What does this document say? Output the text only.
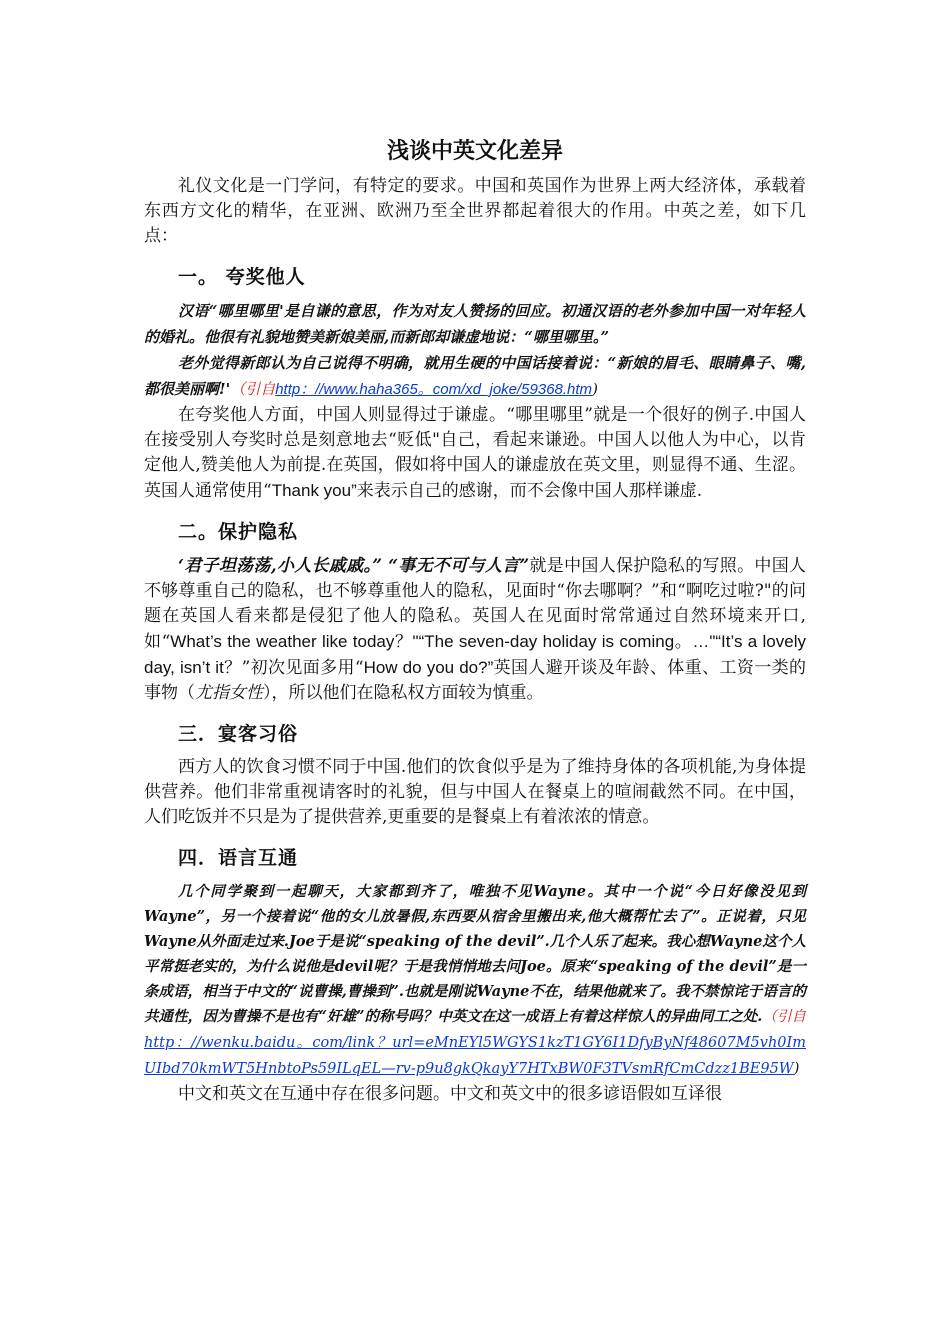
浅谈中英文化差异

礼仪文化是一门学问，有特定的要求。中国和英国作为世界上两大经济体，承载着东西方文化的精华，在亚洲、欧洲乃至全世界都起着很大的作用。中英之差，如下几点：

一。 夸奖他人

汉语“哪里哪里'是自谦的意思，作为对友人赞扬的回应。初通汉语的老外参加中国一对年轻人的婚礼。他很有礼貌地赞美新娘美丽,而新郎却谦虚地说：“哪里哪里。”

老外觉得新郎认为自己说得不明确，就用生硬的中国话接着说：“新娘的眉毛、眼睛鼻子、嘴,都很美丽啊!'（引自http：//www.haha365。com/xd_joke/59368.htm)

在夸奖他人方面，中国人则显得过于谦虚。“哪里哪里”就是一个很好的例子.中国人在接受别人夸奖时总是刻意地去“贬低"自己，看起来谦逊。中国人以他人为中心，以肯定他人,赞美他人为前提.在英国，假如将中国人的谦虚放在英文里，则显得不通、生涩。英国人通常使用“Thank you”来表示自己的感谢，而不会像中国人那样谦虚.

二。保护隐私

‘君子坦荡荡,小人长戚戚。” “事无不可与人言”就是中国人保护隐私的写照。中国人不够尊重自己的隐私，也不够尊重他人的隐私，见面时“你去哪啊？”和“啊吃过啦?"的问题在英国人看来都是侵犯了他人的隐私。英国人在见面时常常通过自然环境来开口,如“What’s the weather like today？"“The seven-day holiday is coming。…"“It’s a lovely day, isn’t it？”初次见面多用“How do you do?”英国人避开谈及年龄、体重、工资一类的事物（尤指女性），所以他们在隐私权方面较为慎重。

三．宴客习俗

西方人的饮食习惯不同于中国.他们的饮食似乎是为了维持身体的各项机能,为身体提供营养。他们非常重视请客时的礼貌，但与中国人在餐桌上的喧闹截然不同。在中国，人们吃饭并不只是为了提供营养,更重要的是餐桌上有着浓浓的情意。

四．语言互通

几个同学聚到一起聊天，大家都到齐了，唯独不见Wayne。其中一个说“今日好像没见到Wayne”，另一个接着说“他的女儿放暑假,东西要从宿舍里搬出来,他大概帮忙去了”。正说着，只见Wayne从外面走过来.Joe于是说“speaking of the devil”.几个人乐了起来。我心想Wayne这个人平常挺老实的，为什么说他是devil呢？于是我悄悄地去问Joe。原来“speaking of the devil”是一条成语，相当于中文的“说曹操,曹操到”.也就是刚说Wayne不在，结果他就来了。我不禁惊诧于语言的共通性，因为曹操不是也有“奸雄”的称号吗？中英文在这一成语上有着这样惊人的异曲同工之处.（引自http：//wenku.baidu。com/link？url=eMnEYl5WGYS1kzT1GY6I1DfyByNf48607M5vh0ImUIbd70kmWT5HnbtoPs59ILqEL—rv-p9u8gkQkayY7HTxBW0F3TVsmRfCmCdzz1BE95W)

中文和英文在互通中存在很多问题。中文和英文中的很多谚语假如互译很
